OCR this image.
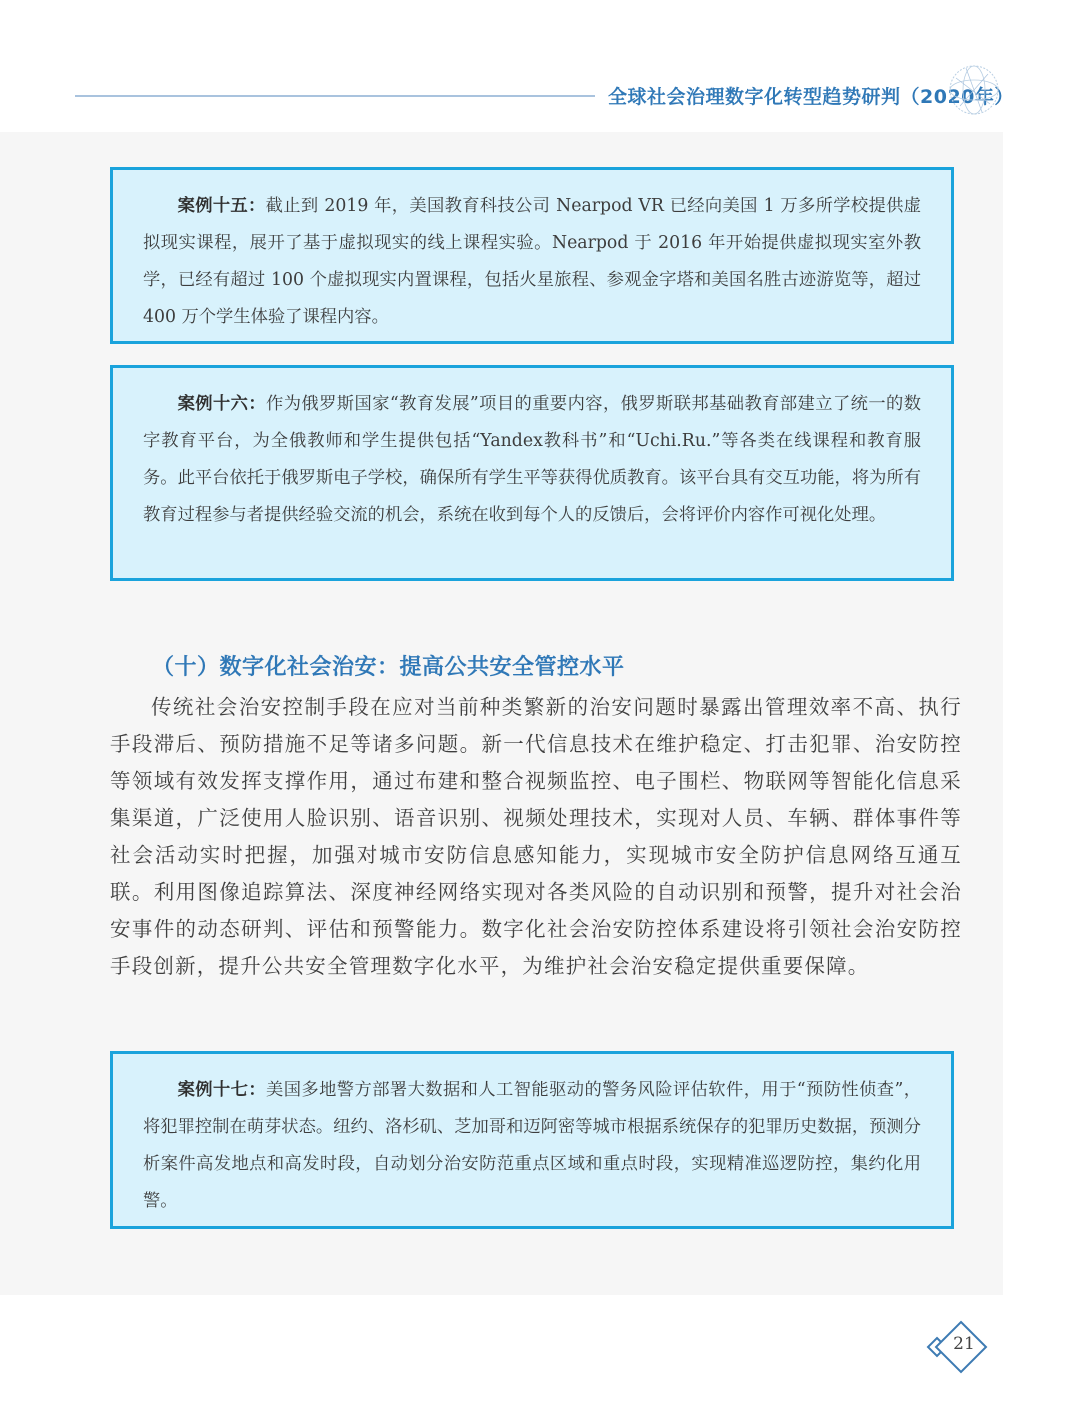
全球社会治理数字化转型趋势研判（2020年）

案例十五：截止到 2019 年，美国教育科技公司 Nearpod VR 已经向美国 1 万多所学校提供虚拟现实课程，展开了基于虚拟现实的线上课程实验。Nearpod 于 2016 年开始提供虚拟现实室外教学，已经有超过 100 个虚拟现实内置课程，包括火星旅程、参观金字塔和美国名胜古迹游览等，超过 400 万个学生体验了课程内容。

案例十六：作为俄罗斯国家“教育发展”项目的重要内容，俄罗斯联邦基础教育部建立了统一的数字教育平台，为全俄教师和学生提供包括“Yandex教科书”和“Uchi.Ru.”等各类在线课程和教育服务。此平台依托于俄罗斯电子学校，确保所有学生平等获得优质教育。该平台具有交互功能，将为所有教育过程参与者提供经验交流的机会，系统在收到每个人的反馈后，会将评价内容作可视化处理。

（十）数字化社会治安：提高公共安全管控水平

传统社会治安控制手段在应对当前种类繁新的治安问题时暴露出管理效率不高、执行手段滞后、预防措施不足等诸多问题。新一代信息技术在维护稳定、打击犯罪、治安防控等领域有效发挥支撑作用，通过布建和整合视频监控、电子围栏、物联网等智能化信息采集渠道，广泛使用人脸识别、语音识别、视频处理技术，实现对人员、车辆、群体事件等社会活动实时把握，加强对城市安防信息感知能力，实现城市安全防护信息网络互通互联。利用图像追踪算法、深度神经网络实现对各类风险的自动识别和预警，提升对社会治安事件的动态研判、评估和预警能力。数字化社会治安防控体系建设将引领社会治安防控手段创新，提升公共安全管理数字化水平，为维护社会治安稳定提供重要保障。

案例十七：美国多地警方部署大数据和人工智能驱动的警务风险评估软件，用于“预防性侦查”，将犯罪控制在萌芽状态。纽约、洛杉矶、芝加哥和迈阿密等城市根据系统保存的犯罪历史数据，预测分析案件高发地点和高发时段，自动划分治安防范重点区域和重点时段，实现精准巡逻防控，集约化用警。

21
